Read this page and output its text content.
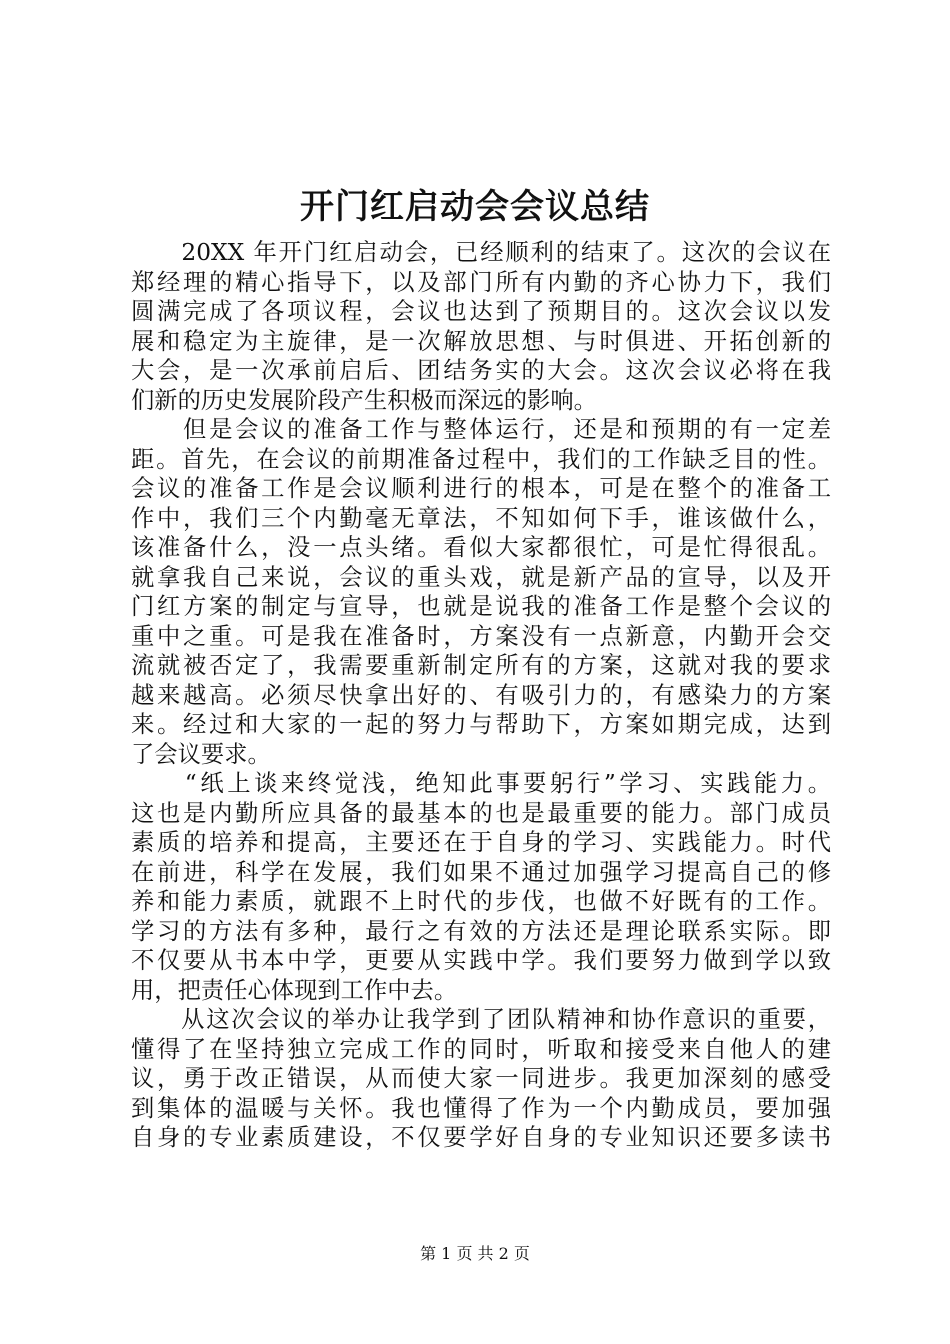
开门红启动会会议总结
　　20XX 年开门红启动会，已经顺利的结束了。这次的会议在
郑经理的精心指导下，以及部门所有内勤的齐心协力下，我们
圆满完成了各项议程，会议也达到了预期目的。这次会议以发
展和稳定为主旋律，是一次解放思想、与时俱进、开拓创新的
大会，是一次承前启后、团结务实的大会。这次会议必将在我
们新的历史发展阶段产生积极而深远的影响。
　　但是会议的准备工作与整体运行，还是和预期的有一定差
距。首先，在会议的前期准备过程中，我们的工作缺乏目的性。
会议的准备工作是会议顺利进行的根本，可是在整个的准备工
作中，我们三个内勤毫无章法，不知如何下手，谁该做什么，
该准备什么，没一点头绪。看似大家都很忙，可是忙得很乱。
就拿我自己来说，会议的重头戏，就是新产品的宣导，以及开
门红方案的制定与宣导，也就是说我的准备工作是整个会议的
重中之重。可是我在准备时，方案没有一点新意，内勤开会交
流就被否定了，我需要重新制定所有的方案，这就对我的要求
越来越高。必须尽快拿出好的、有吸引力的，有感染力的方案
来。经过和大家的一起的努力与帮助下，方案如期完成，达到
了会议要求。
　　“纸上谈来终觉浅，绝知此事要躬行”学习、实践能力。
这也是内勤所应具备的最基本的也是最重要的能力。部门成员
素质的培养和提高，主要还在于自身的学习、实践能力。时代
在前进，科学在发展，我们如果不通过加强学习提高自己的修
养和能力素质，就跟不上时代的步伐，也做不好既有的工作。
学习的方法有多种，最行之有效的方法还是理论联系实际。即
不仅要从书本中学，更要从实践中学。我们要努力做到学以致
用，把责任心体现到工作中去。
　　从这次会议的举办让我学到了团队精神和协作意识的重要，
懂得了在坚持独立完成工作的同时，听取和接受来自他人的建
议，勇于改正错误，从而使大家一同进步。我更加深刻的感受
到集体的温暖与关怀。我也懂得了作为一个内勤成员，要加强
自身的专业素质建设，不仅要学好自身的专业知识还要多读书
第 1 页 共 2 页
